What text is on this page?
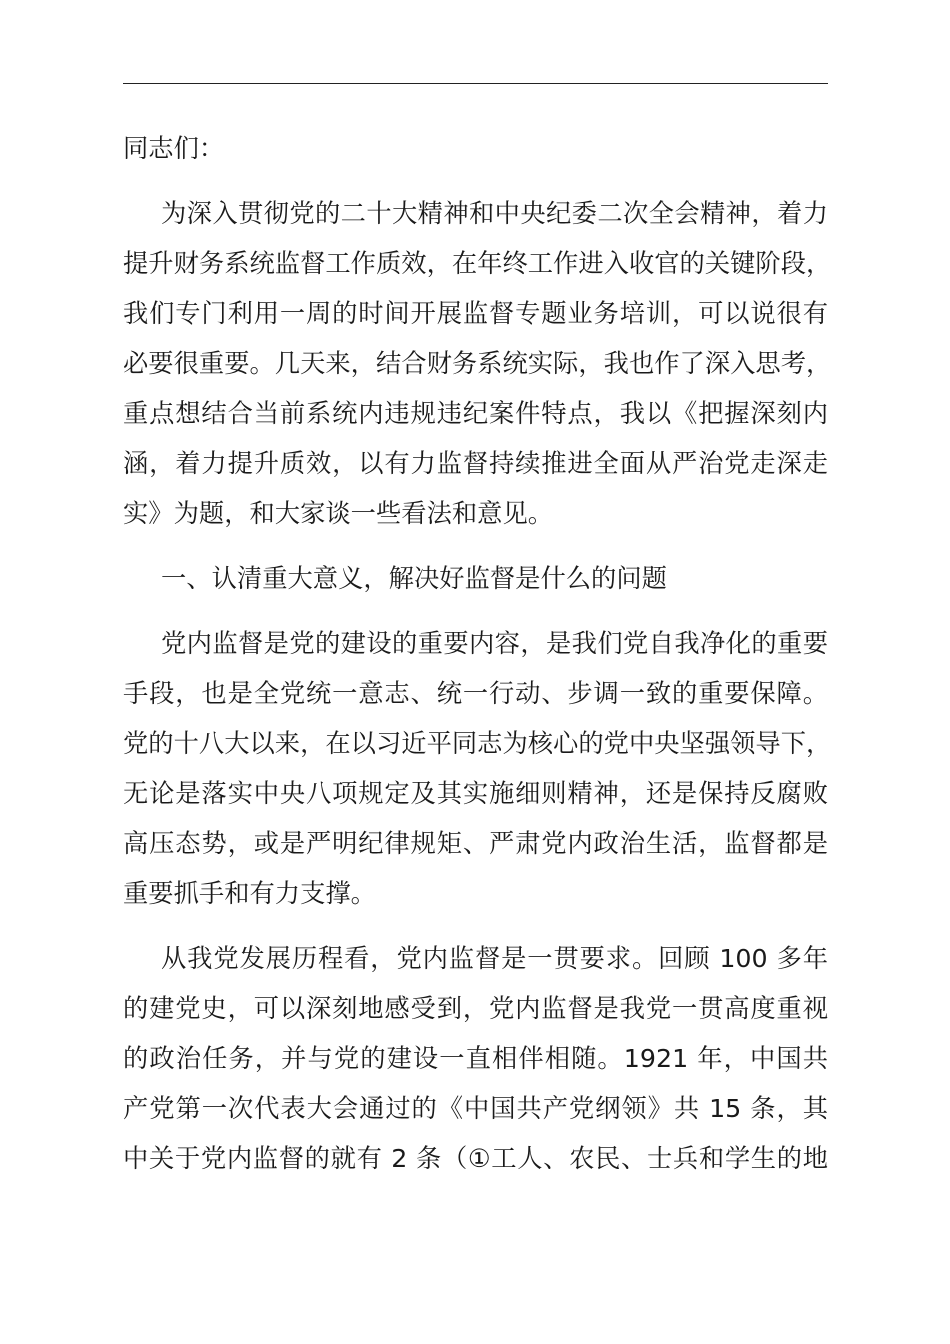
同志们：
为深入贯彻党的二十大精神和中央纪委二次全会精神，着力
提升财务系统监督工作质效，在年终工作进入收官的关键阶段，
我们专门利用一周的时间开展监督专题业务培训，可以说很有
必要很重要。几天来，结合财务系统实际，我也作了深入思考，
重点想结合当前系统内违规违纪案件特点，我以《把握深刻内
涵，着力提升质效，以有力监督持续推进全面从严治党走深走
实》为题，和大家谈一些看法和意见。
一、认清重大意义，解决好监督是什么的问题
党内监督是党的建设的重要内容，是我们党自我净化的重要
手段，也是全党统一意志、统一行动、步调一致的重要保障。
党的十八大以来，在以习近平同志为核心的党中央坚强领导下，
无论是落实中央八项规定及其实施细则精神，还是保持反腐败
高压态势，或是严明纪律规矩、严肃党内政治生活，监督都是
重要抓手和有力支撑。
从我党发展历程看，党内监督是一贯要求。回顾 100 多年
的建党史，可以深刻地感受到，党内监督是我党一贯高度重视
的政治任务，并与党的建设一直相伴相随。1921 年，中国共
产党第一次代表大会通过的《中国共产党纲领》共 15 条，其
中关于党内监督的就有 2 条（①工人、农民、士兵和学生的地
